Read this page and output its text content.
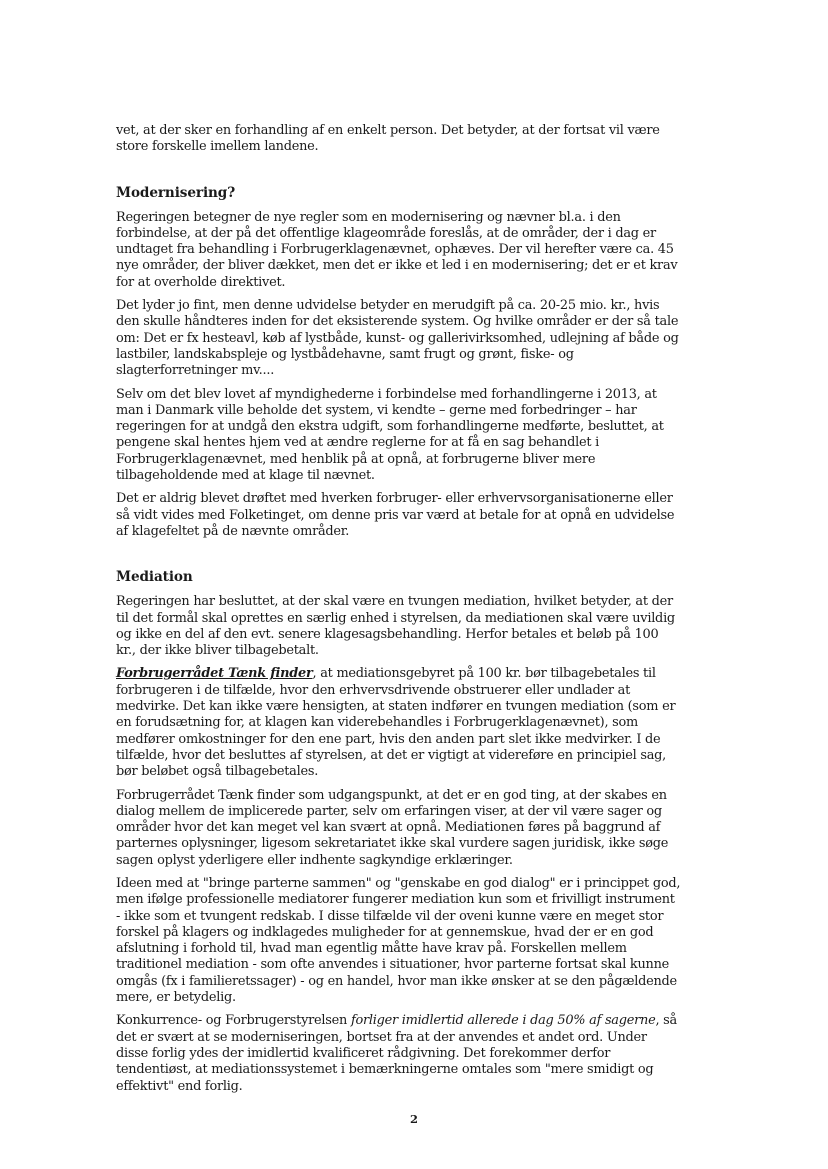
vet, at der sker en forhandling af en enkelt person. Det betyder, at der fortsat vil være store forskelle imellem landene.

Modernisering?

Regeringen betegner de nye regler som en modernisering og nævner bl.a. i den forbindelse, at der på det offentlige klageområde foreslås, at de områder, der i dag er undtaget fra behandling i Forbrugerklagenævnet, ophæves. Der vil herefter være ca. 45 nye områder, der bliver dækket, men det er ikke et led i en modernisering; det er et krav for at overholde direktivet.

Det lyder jo fint, men denne udvidelse betyder en merudgift på ca. 20-25 mio. kr., hvis den skulle håndteres inden for det eksisterende system. Og hvilke områder er der så tale om: Det er fx hesteavl, køb af lystbåde, kunst- og gallerivirksomhed, udlejning af både og lastbiler, landskabspleje og lystbådehavne, samt frugt og grønt, fiske- og slagterforretninger mv....

Selv om det blev lovet af myndighederne i forbindelse med forhandlingerne i 2013, at man i Danmark ville beholde det system, vi kendte – gerne med forbedringer – har regeringen for at undgå den ekstra udgift, som forhandlingerne medførte, besluttet, at pengene skal hentes hjem ved at ændre reglerne for at få en sag behandlet i Forbrugerklagenævnet, med henblik på at opnå, at forbrugerne bliver mere tilbageholdende med at klage til nævnet.

Det er aldrig blevet drøftet med hverken forbruger- eller erhvervsorganisationerne eller så vidt vides med Folketinget, om denne pris var værd at betale for at opnå en udvidelse af klagefeltet på de nævnte områder.

Mediation

Regeringen har besluttet, at der skal være en tvungen mediation, hvilket betyder, at der til det formål skal oprettes en særlig enhed i styrelsen, da mediationen skal være uvildig og ikke en del af den evt. senere klagesagsbehandling. Herfor betales et beløb på 100 kr., der ikke bliver tilbagebetalt.

Forbrugerrådet Tænk finder, at mediationsgebyret på 100 kr. bør tilbagebetales til forbrugeren i de tilfælde, hvor den erhvervsdrivende obstruerer eller undlader at medvirke. Det kan ikke være hensigten, at staten indfører en tvungen mediation (som er en forudsætning for, at klagen kan viderebehandles i Forbrugerklagenævnet), som medfører omkostninger for den ene part, hvis den anden part slet ikke medvirker. I de tilfælde, hvor det besluttes af styrelsen, at det er vigtigt at videreføre en principiel sag, bør beløbet også tilbagebetales.

Forbrugerrådet Tænk finder som udgangspunkt, at det er en god ting, at der skabes en dialog mellem de implicerede parter, selv om erfaringen viser, at der vil være sager og områder hvor det kan meget vel kan svært at opnå. Mediationen føres på baggrund af parternes oplysninger, ligesom sekretariatet ikke skal vurdere sagen juridisk, ikke søge sagen oplyst yderligere eller indhente sagkyndige erklæringer.

Ideen med at "bringe parterne sammen" og "genskabe en god dialog" er i princippet god, men ifølge professionelle mediatorer fungerer mediation kun som et frivilligt instrument - ikke som et tvungent redskab. I disse tilfælde vil der oveni kunne være en meget stor forskel på klagers og indklagedes muligheder for at gennemskue, hvad der er en god afslutning i forhold til, hvad man egentlig måtte have krav på. Forskellen mellem traditionel mediation - som ofte anvendes i situationer, hvor parterne fortsat skal kunne omgås (fx i familieretssager) - og en handel, hvor man ikke ønsker at se den pågældende mere, er betydelig.

Konkurrence- og Forbrugerstyrelsen forliger imidlertid allerede i dag 50% af sagerne, så det er svært at se moderniseringen, bortset fra at der anvendes et andet ord. Under disse forlig ydes der imidlertid kvalificeret rådgivning. Det forekommer derfor tendentiøst, at mediationssystemet i bemærkningerne omtales som "mere smidigt og effektivt" end forlig.

2
